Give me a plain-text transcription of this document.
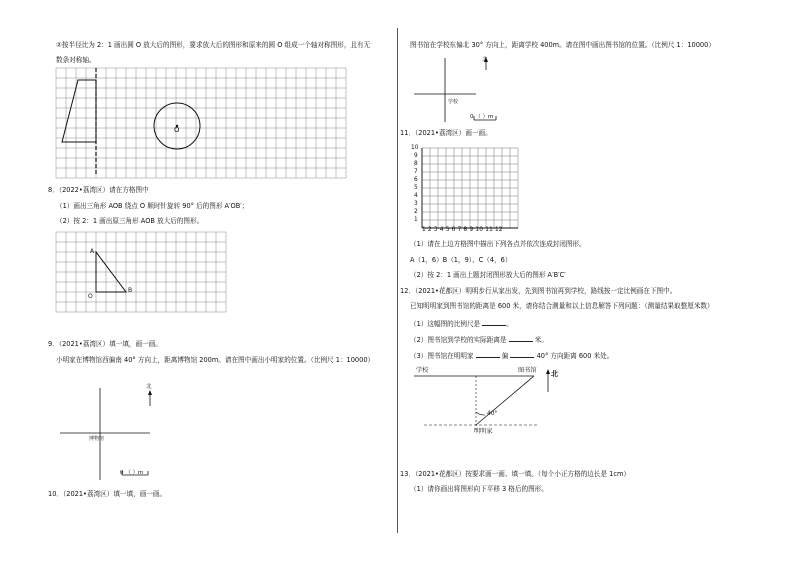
②按半径比为 2：1 画出圆 O 放大后的图形，要求放大后的图形和原来的圆 O 组成一个轴对称图形，且有无
数条对称轴。
O
8．（2022•荔湾区）请在方格图中
（1）画出三角形 AOB 绕点 O 顺时针旋转 90° 后的图形 A′OB′；
（2）按 2：1 画出原三角形 AOB 放大后的图形。
A
O
B
9．（2021•荔湾区）填一填，画一画。
小明家在博物馆西偏南 40° 方向上，距离博物馆 200m。请在图中画出小明家的位置。（比例尺 1：10000）
北
博物馆
0 （ ）m
10．（2021•荔湾区）填一填，画一画。
图书馆在学校东偏北 30° 方向上，距离学校 400m。请在图中画出图书馆的位置。（比例尺 1：10000）
北
学校
0 （ ）m
11．（2021•荔湾区）画一画。
10
9
8
7
6
5
4
3
2
1
1 2 3 4 5 6 7 8 9 10 11 12
（1）请在上边方格图中描出下列各点并依次连成封闭图形。
A（1，6）B（1，9）、C（4，6）
（2）按 2：1 画出上题封闭图形放大后的图形 A′B′C′
12．（2021•花都区）明明步行从家出发，先到图书馆再到学校，路线按一定比例画在下图中。
已知明明家到图书馆的距离是 600 米，请你结合测量和以上信息解答下列问题：（测量结果取整厘米数）
（1）这幅图的比例尺是	。
（2）图书馆到学校的实际距离是	米。
（3）图书馆在明明家	偏	40° 方向距离 600 米处。
学校	图书馆 北
40°
明明家
13．（2021•花都区）按要求画一画、填一填。（每个小正方格的边长是 1cm）
（1）请你画出将图形向下平移 3 格后的图形。
